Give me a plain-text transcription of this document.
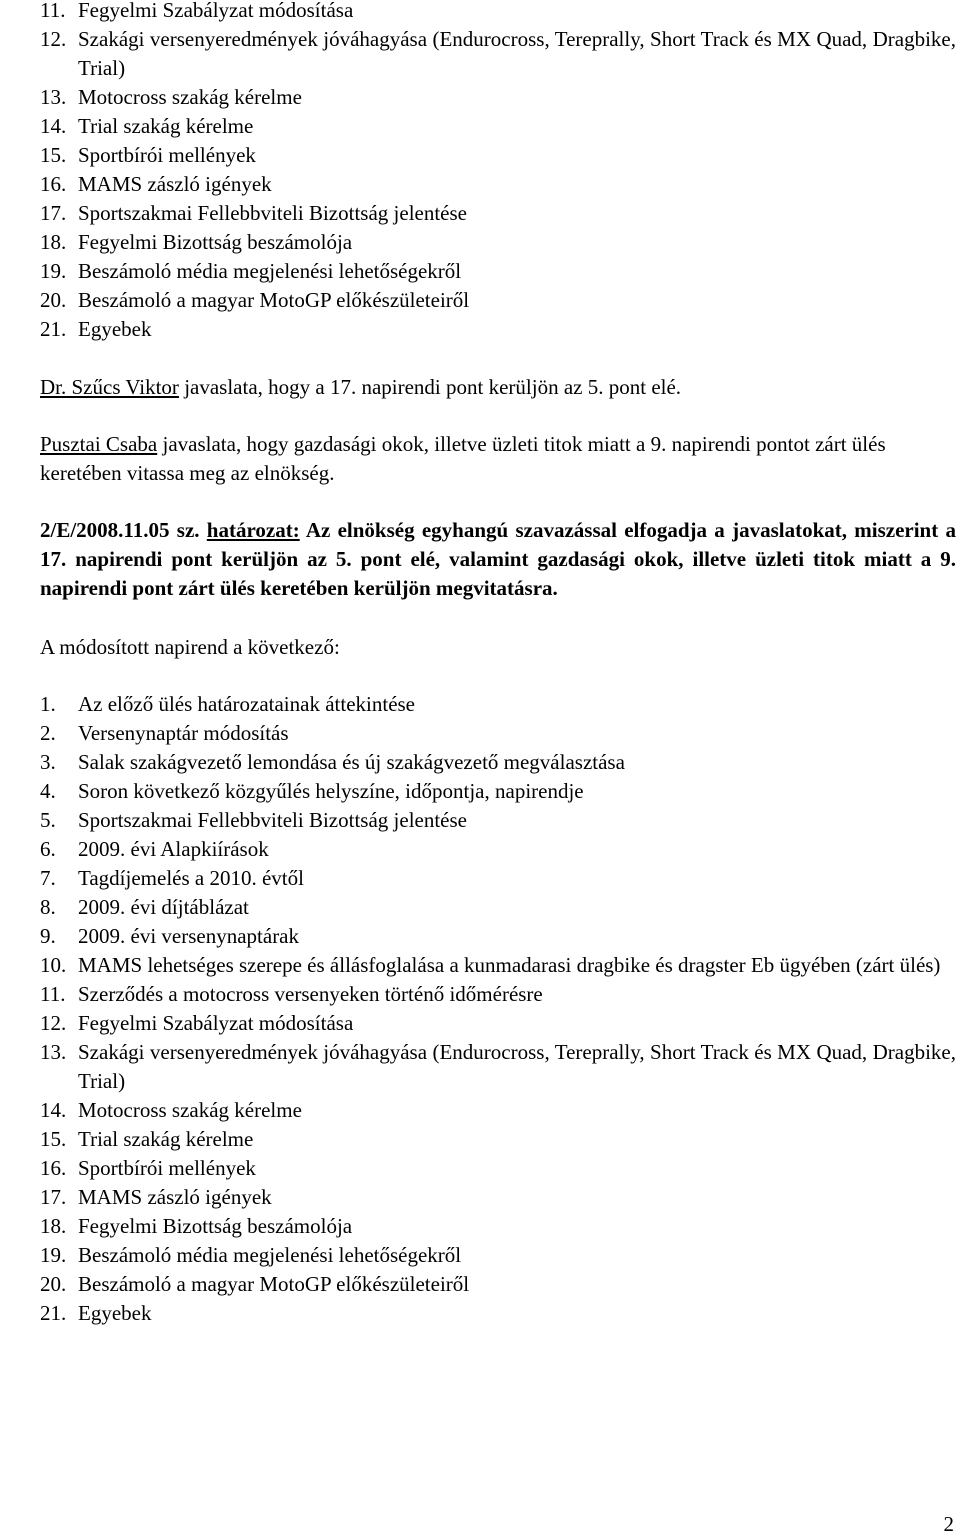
11. Fegyelmi Szabályzat módosítása
12. Szakági versenyeredmények jóváhagyása (Endurocross, Tereprally, Short Track és MX Quad, Dragbike, Trial)
13. Motocross szakág kérelme
14. Trial szakág kérelme
15. Sportbírói mellények
16. MAMS zászló igények
17. Sportszakmai Fellebbviteli Bizottság jelentése
18. Fegyelmi Bizottság beszámolója
19. Beszámoló média megjelenési lehetőségekről
20. Beszámoló a magyar MotoGP előkészületeiről
21. Egyebek
Dr. Szűcs Viktor javaslata, hogy a 17. napirendi pont kerüljön az 5. pont elé.
Pusztai Csaba javaslata, hogy gazdasági okok, illetve üzleti titok miatt a 9. napirendi pontot zárt ülés keretében vitassa meg az elnökség.
2/E/2008.11.05 sz. határozat: Az elnökség egyhangú szavazással elfogadja a javaslatokat, miszerint a 17. napirendi pont kerüljön az 5. pont elé, valamint gazdasági okok, illetve üzleti titok miatt a 9. napirendi pont zárt ülés keretében kerüljön megvitatásra.
A módosított napirend a következő:
1.	Az előző ülés határozatainak áttekintése
2.	Versenynaptár módosítás
3.	Salak szakágvezető lemondása és új szakágvezető megválasztása
4.	Soron következő közgyűlés helyszíne, időpontja, napirendje
5.	Sportszakmai Fellebbviteli Bizottság jelentése
6.	2009. évi Alapkiírások
7.	Tagdíjemelés a 2010. évtől
8.	2009. évi díjtáblázat
9.	2009. évi versenynaptárak
10. MAMS lehetséges szerepe és állásfoglalása a kunmadarasi dragbike és dragster Eb ügyében (zárt ülés)
11. Szerződés a motocross versenyeken történő időmérésre
12. Fegyelmi Szabályzat módosítása
13. Szakági versenyeredmények jóváhagyása (Endurocross, Tereprally, Short Track és MX Quad, Dragbike, Trial)
14. Motocross szakág kérelme
15. Trial szakág kérelme
16. Sportbírói mellények
17. MAMS zászló igények
18. Fegyelmi Bizottság beszámolója
19. Beszámoló média megjelenési lehetőségekről
20. Beszámoló a magyar MotoGP előkészületeiről
21. Egyebek
2
